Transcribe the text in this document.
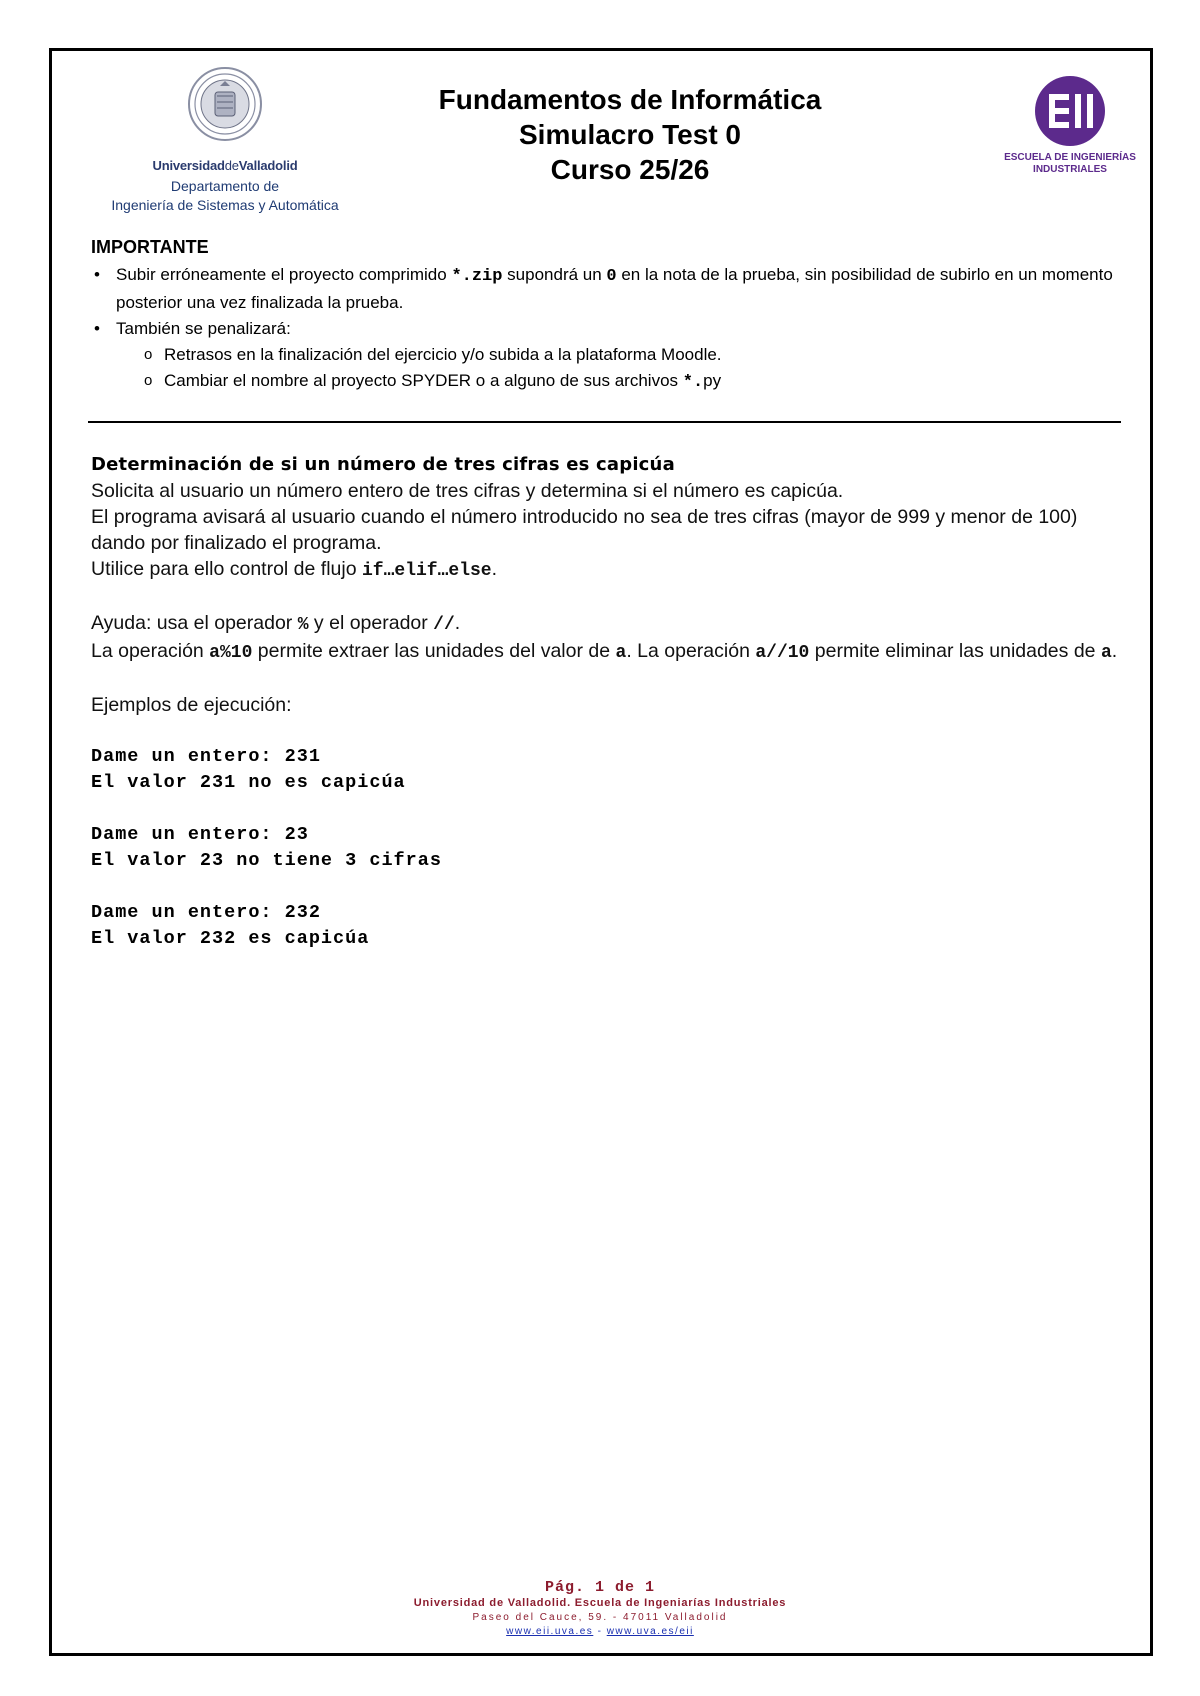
UniversidaddeValladolid
Departamento de
Ingeniería de Sistemas y Automática
Fundamentos de Informática
Simulacro Test 0
Curso 25/26	ESCUELA DE INGENIERÍAS
INDUSTRIALES
IMPORTANTE
• Subir erróneamente el proyecto comprimido *.zip supondrá un 0 en la nota de la prueba, sin posibilidad de subirlo en un momento posterior una vez finalizada la prueba.
• También se penalizará:
o Retrasos en la finalización del ejercicio y/o subida a la plataforma Moodle.
o Cambiar el nombre al proyecto SPYDER o a alguno de sus archivos *.py
Determinación de si un número de tres cifras es capicúa
Solicita al usuario un número entero de tres cifras y determina si el número es capicúa.
El programa avisará al usuario cuando el número introducido no sea de tres cifras (mayor de 999 y menor de 100) dando por finalizado el programa.
Utilice para ello control de flujo if…elif…else.
Ayuda: usa el operador % y el operador //.
La operación a%10 permite extraer las unidades del valor de a. La operación a//10 permite eliminar las unidades de a.
Ejemplos de ejecución:
Dame un entero: 231
El valor 231 no es capicúa
Dame un entero: 23
El valor 23 no tiene 3 cifras
Dame un entero: 232
El valor 232 es capicúa
Pág. 1 de 1
Universidad de Valladolid. Escuela de Ingeniarías Industriales
Paseo del Cauce, 59. - 47011 Valladolid
www.eii.uva.es - www.uva.es/eii
